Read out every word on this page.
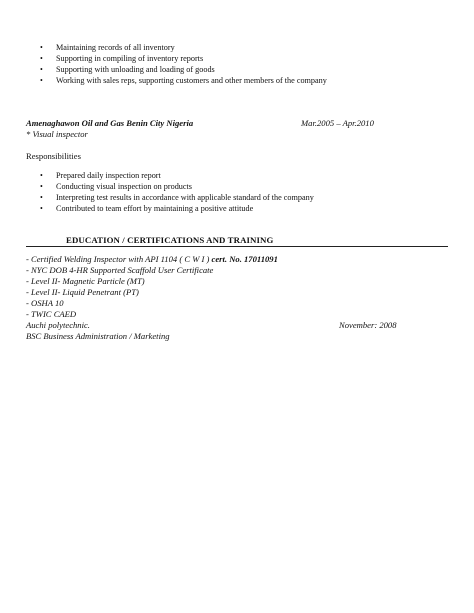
• Maintaining records of all inventory
• Supporting in compiling of inventory reports
• Supporting with unloading and loading of goods
• Working with sales reps, supporting customers and other members of the company
Amenaghawon Oil and Gas Benin City Nigeria	Mar.2005 – Apr.2010
* Visual inspector
Responsibilities
• Prepared daily inspection report
• Conducting visual inspection on products
• Interpreting test results in accordance with applicable standard of the company
• Contributed to team effort by maintaining a positive attitude
EDUCATION / CERTIFICATIONS AND TRAINING
- Certified Welding Inspector with API 1104 ( C W I ) cert. No. 17011091
- NYC DOB 4-HR Supported Scaffold User Certificate
- Level II- Magnetic Particle (MT)
- Level II- Liquid Penetrant (PT)
- OSHA 10
- TWIC CAED
Auchi polytechnic.
BSC Business Administration / Marketing
November: 2008
